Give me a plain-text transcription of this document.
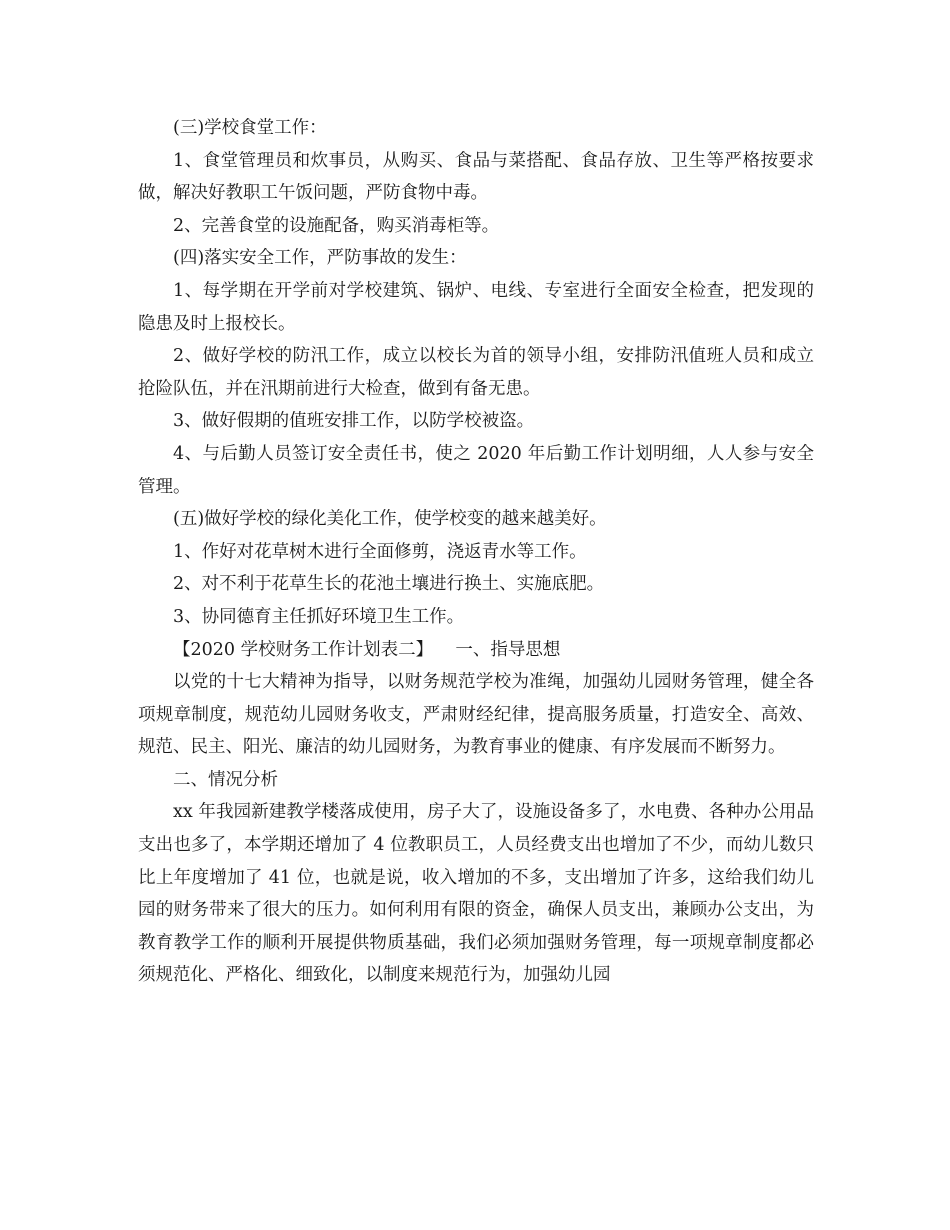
(三)学校食堂工作：

1、食堂管理员和炊事员，从购买、食品与菜搭配、食品存放、卫生等严格按要求做，解决好教职工午饭问题，严防食物中毒。

2、完善食堂的设施配备，购买消毒柜等。

(四)落实安全工作，严防事故的发生：

1、每学期在开学前对学校建筑、锅炉、电线、专室进行全面安全检查，把发现的隐患及时上报校长。

2、做好学校的防汛工作，成立以校长为首的领导小组，安排防汛值班人员和成立抢险队伍，并在汛期前进行大检查，做到有备无患。

3、做好假期的值班安排工作，以防学校被盗。

4、与后勤人员签订安全责任书，使之 2020 年后勤工作计划明细，人人参与安全管理。

(五)做好学校的绿化美化工作，使学校变的越来越美好。

1、作好对花草树木进行全面修剪，浇返青水等工作。

2、对不利于花草生长的花池土壤进行换土、实施底肥。

3、协同德育主任抓好环境卫生工作。

【2020 学校财务工作计划表二】    一、指导思想

以党的十七大精神为指导，以财务规范学校为准绳，加强幼儿园财务管理，健全各项规章制度，规范幼儿园财务收支，严肃财经纪律，提高服务质量，打造安全、高效、规范、民主、阳光、廉洁的幼儿园财务，为教育事业的健康、有序发展而不断努力。

二、情况分析

xx 年我园新建教学楼落成使用，房子大了，设施设备多了，水电费、各种办公用品支出也多了，本学期还增加了 4 位教职员工，人员经费支出也增加了不少，而幼儿数只比上年度增加了 41 位，也就是说，收入增加的不多，支出增加了许多，这给我们幼儿园的财务带来了很大的压力。如何利用有限的资金，确保人员支出，兼顾办公支出，为教育教学工作的顺利开展提供物质基础，我们必须加强财务管理，每一项规章制度都必须规范化、严格化、细致化，以制度来规范行为，加强幼儿园
